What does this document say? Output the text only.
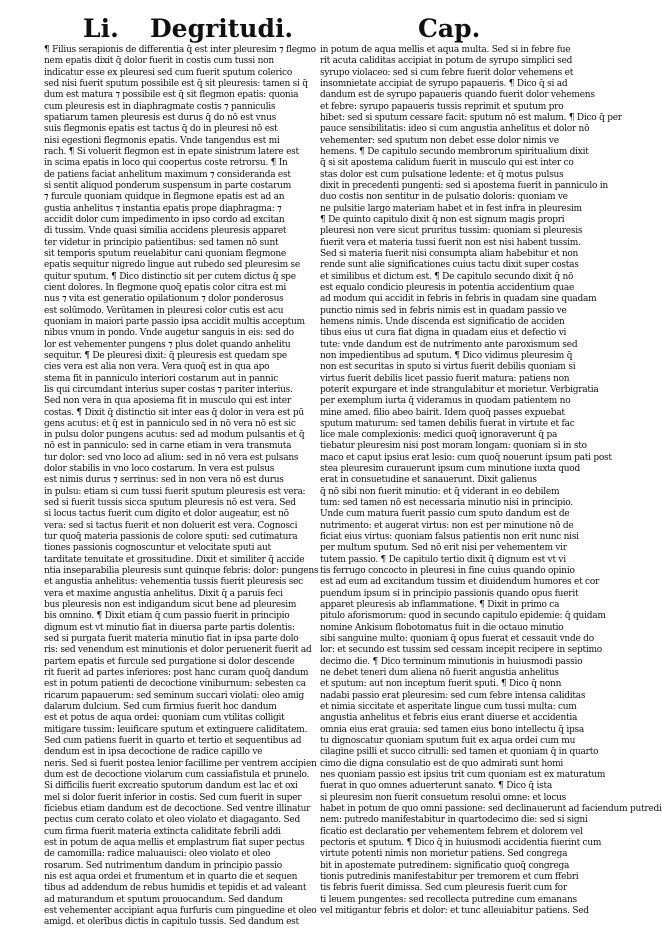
Li. Degritudi.	Cap.
¶ Filius serapionis de differentia q̄ est inter pleuresim ⁊ flegmo
nem epatis dixit q̄ dolor fuerit in costis cum tussi non
indicatur esse ex pleuresi sed cum fuerit sputum colerico
sed nisi fuerit sputum possibile est q̄ sit pleuresis: tamen si q̄
dum est matura ⁊ possibile est q̄ sit flegmon epatis: quonia
cum pleuresis est in diaphragmate costis ⁊ panniculis
spatiarum tamen pleuresis est durus q̄ do nō est vnus
suis flegmonis epatis est tactus q̄ do in pleuresi nō est
nisi egestioni flegmonis epatis. Vnde tangendus est mi
rach. ¶ Si voluerit flegmon est in epate sinistrum latere est
in scima epatis in loco qui coopertus coste retrorsu. ¶ In
de patiens faciat anhelitum maximum ⁊ consideranda est
si sentit aliquod ponderum suspensum in parte costarum
⁊ furcule quoniam quidque in flegmone epatis est ad an
gustia anhelitus ⁊ instantia epatis prope diaphragma: ⁊
accidit dolor cum impedimento in ipso cordo ad excitan
di tussim. Vnde quasi similia accidens pleuresis apparet
ter videtur in principio patientibus: sed tamen nō sunt
sit temporis sputum reuelabitur cani quoniam flegmone
epatis sequitur nigredo lingue aut rubedo sed pleuresim se
quitur sputum. ¶ Dico distinctio sit per cutem dictus q̄ spe
cient dolores. In flegmone quoq̄ epatis color citra est mi
nus ⁊ vita est generatio opilationum ⁊ dolor ponderosus
est solūmodo. Verūtamen in pleuresi color cutis est acu
quoniam in maiori parte passio ipsa accidit multis acceptum
nibus vnum in pondo. Vnde augetur sanguis in eis: sed do
lor est vehementer pungens ⁊ plus dolet quando anhelitu
sequitur. ¶ De pleuresi dixit: q̄ pleuresis est quedam spe
cies vera est alia non vera. Vera quoq̄ est in qua apo
stema fit in panniculo interiori costarum aut in pannic
lis qui circumdant interius super costas ⁊ pariter interius.
Sed non vera in qua aposiema fit in musculo qui est inter
costas. ¶ Dixit q̄ distinctio sit inter eas q̄ dolor in vera est pū
gens acutus: et q̄ est in panniculo sed in nō vera nō est sic
in pulsu dolor pungens acutus: sed ad modum pulsantis et q̄
nō est in panniculo: sed in carne etiam in vera transmuta
tur dolor: sed vno loco ad alium: sed in nō vera est pulsans
dolor stabilis in vno loco costarum. In vera est pulsus
est nimis durus ⁊ serrinus: sed in non vera nō est durus
in pulsu: etiam si cum tussi fuerit sputum pleuresis est vera:
sed si fuerit tussis sicca sputum pleuresis nō est vera. Sed
si locus tactus fuerit cum digito et dolor augeatur, est nō
vera: sed si tactus fuerit et non doluerit est vera. Cognosci
tur quoq̄ materia passionis de colore sputi: sed cutimatura
tiones passionis cognoscuntur et velocitate sputi aut
tarditate tenuitate et grossitudine. Dixit et similiter q̄ accide
ntia inseparabilia pleuresis sunt quinque febris: dolor: pungens
et angustia anhelitus: vehementia tussis fuerit pleuresis sec
vera et maxime angustia anhelitus. Dixit q̄ a paruis feci
bus pleuresis non est indigandum sicut bene ad pleuresim
bis omnino. ¶ Dixit etiam q̄ cum passio fuerit in principio
dignum est vt minutio fiat in diuersa parte partis dolentis:
sed si purgata fuerit materia minutio fiat in ipsa parte dolo
ris: sed venendum est minutionis et dolor peruenerit fuerit ad
partem epatis et furcule sed purgatione si dolor descende
rit fuerit ad partes inferiores: post hanc curam quoq̄ dandum
est in potum patienti de decoctione viniburnum: sebesten ca
ricarum papauerum: sed seminum succari violati: oleo amig
dalarum dulcium. Sed cum firmius fuerit hoc dandum
est et potus de aqua ordei: quoniam cum vtilitas colligit
mitigare tussim: leuificare sputum et extinguere caliditatem.
Sed cum patiens fuerit in quarto et tertio et sequentibus ad
dendum est in ipsa decoctione de radice capillo ve
neris. Sed si fuerit postea lenior facillime per ventrem accipien
dum est de decoctione violarum cum cassiafistula et prunelo.
Si difficilis fuerit excreatio sputorum dandum est lac et oxi
mel si dolor fuerit inferior in costis. Sed cum fuerit in super
ficiebus etiam dandum est de decoctione. Sed ventre illinatur
pectus cum cerato colato et oleo violato et diagaganto. Sed
cum firma fuerit materia extincta caliditate febrili addi
est in potum de aqua mellis et emplastrum fiat super pectus
de camomilla: radice maluauisci: oleo violato et oleo
rosarum. Sed nutrimentum dandum in principio passio
nis est aqua ordei et frumentum et in quarto die et sequen
tibus ad addendum de rebus humidis et tepidis et ad valeant
ad maturandum et sputum prouocandum. Sed dandum
est vehementer accipiant aqua furfuris cum pinguedine et oleo
amigd. et olerībus dictis in capitulo tussis. Sed dandum est
in potum de aqua mellis et aqua multa. Sed si in febre fue
rit acuta caliditas accipiat in potum de syrupo simplici sed
syrupo violaceo: sed si cum febre fuerit dolor vehemens et
insomnietate accipiat de syrupo papaueris. ¶ Dico q̄ si ad
dandum est de syrupo papaueris quando fuerit dolor vehemens
et febre: syrupo papaueris tussis reprimit et sputum pro
hibet: sed si sputum cessare facit: sputum nō est malum. ¶ Dico q̄ per
pauce sensibilitatis: ideo si cum angustia anhelitus et dolor nō
vehementer: sed sputum non debet esse dolor nimis ve
hemens. ¶ De capitulo secundo membrorum spiritualium dixit
q̄ si sit apostema calidum fuerit in musculo qui est inter co
stas dolor est cum pulsatione ledente: et q̄ motus pulsus
dixit in precedenti pungenti: sed si apostema fuerit in panniculo in
duo costis non sentitur in de pulsatio doloris: quoniam ve
ne pulsitie largo materiam habet et in fest infra in pleuresim
¶ De quinto capitulo dixit q̄ non est signum magis propri
pleuresi non vere sicut pruritus tussim: quoniam si pleuresis
fuerit vera et materia tussi fuerit non est nisi habent tussim.
Sed si materia fuerit nisi consumpta aliam habebitur et non
rende sunt alie significationes cuius tactu dixit super costas
et similibus et dictum est. ¶ De capitulo secundo dixit q̄ nō
est equalo condicio pleuresis in potentia accidentium quae
ad modum qui accidit in febris in febris in quadam sine quadam
punctio nimis sed in febris nimis est in quadam passio ve
hemens nimis. Unde discenda est significatio de acciden
tibus eius ut cura fiat digna in quadam eius et defectio vi
tute: vnde dandum est de nutrimento ante paroxismum sed
non impedientibus ad sputum. ¶ Dico vidimus pleuresim q̄
non est securitas in sputo si virtus fuerit debilis quoniam si
virtus fuerit debilis licet passio fuerit matura: patiens non
poterit expurgare et inde strangulabitur et morietur. Verbigratia
per exemplum iurta q̄ videramus in quodam patientem no
mine amed. filio abeo bairit. Idem quoq̄ passes expuebat
sputum maturum: sed tamen debilis fuerat in virtute et fac
lice male complexionis: medici quoq̄ ignoraverunt q̄ pa
tiebatur pleuresim nisi post moram longam: quoniam si in sto
maco et caput ipsius erat lesio: cum quoq̄ nouerunt ipsum pati post
stea pleuresim curauerunt ipsum cum minutione iuxta quod
erat in consuetudine et sanauerunt. Dixit galienus
q̄ nō sibi non fuerit minutio: et q̄ viderant in eo debilem
tum: sed tamen nō est necessaria minutio nisi in principio.
Unde cum matura fuerit passio cum sputo dandum est de
nutrimento: et augerat virtus: non est per minutione nō de
ficiat eius virtus: quoniam falsus patientis non erit nunc nisi
per multum sputum. Sed nō erit nisi per vehementem vir
tutem passio. ¶ De capitulo tertio dixit q̄ dignum est vt vi
tis ferrugo concocto in pleuresi in fine cuius quando opinio
est ad eum ad excitandum tussim et diuidendum humores et cor
puendum ipsum si in principio passionis quando opus fuerit
apparet pleuresis ab inflammatione. ¶ Dixit in primo ca
pitulo aforismorum: quod in secundo capitulo epidemie: q̄ quidam
nomine Ankisum flobotomatus fuit in die octauo minutio
sibi sanguine multo: quoniam q̄ opus fuerat et cessauit vnde do
lor: et secundo est tussim sed cessam incepit recipere in septimo
decimo die. ¶ Dico terminum minutionis in huiusmodi passio
ne debet teneri dum aliena nō fuerit angustia anhelitus
et sputum: aut non inceptum fuerit sputi. ¶ Dico q̄ nonn
nadabi passio erat pleuresim: sed cum febre intensa caliditas
et nimia siccitate et asperitate lingue cum tussi multa: cum
angustia anhelitus et febris eius erant diuerse et accidentia
omnia eius erat grauia: sed tamen eius bono intellectu q̄ ipsa
tu dignoscatur quoniam sputum fuit ex aqua ordei cum mu
cilagine psilli et succo citrulli: sed tamen et quoniam q̄ in quarto
cimo die digna consulatio est de quo admirati sunt homi
nes quoniam passio est ipsius trit cum quoniam est ex maturatum
fuerat in quo omnes aduerterunt sanato. ¶ Dico q̄ ista
si pleuresim non fuerit consuetum resolui omne: et locus
habet in potum de quo omni passione: sed declinauerunt ad faciendum putredi
nem: putredo manifestabitur in quartodecimo die: sed si signi
ficatio est declaratio per vehementem febrem et dolorem vel
pectoris et sputum. ¶ Dico q̄ in huiusmodi accidentia fuerint cum
virtute potenti nimis non morietur patiens. Sed congrega
bit in apostemate putredinem: significatio quoq̄ congrega
tionis putredinis manifestabitur per tremorem et cum ffebri
tis febris fuerit dimissa. Sed cum pleuresis fuerit cum for
ti leuem pungentes: sed recollecta putredine cum emanans
vel mitigantur febris et dolor: et tunc alleuiabitur patiens. Sed
